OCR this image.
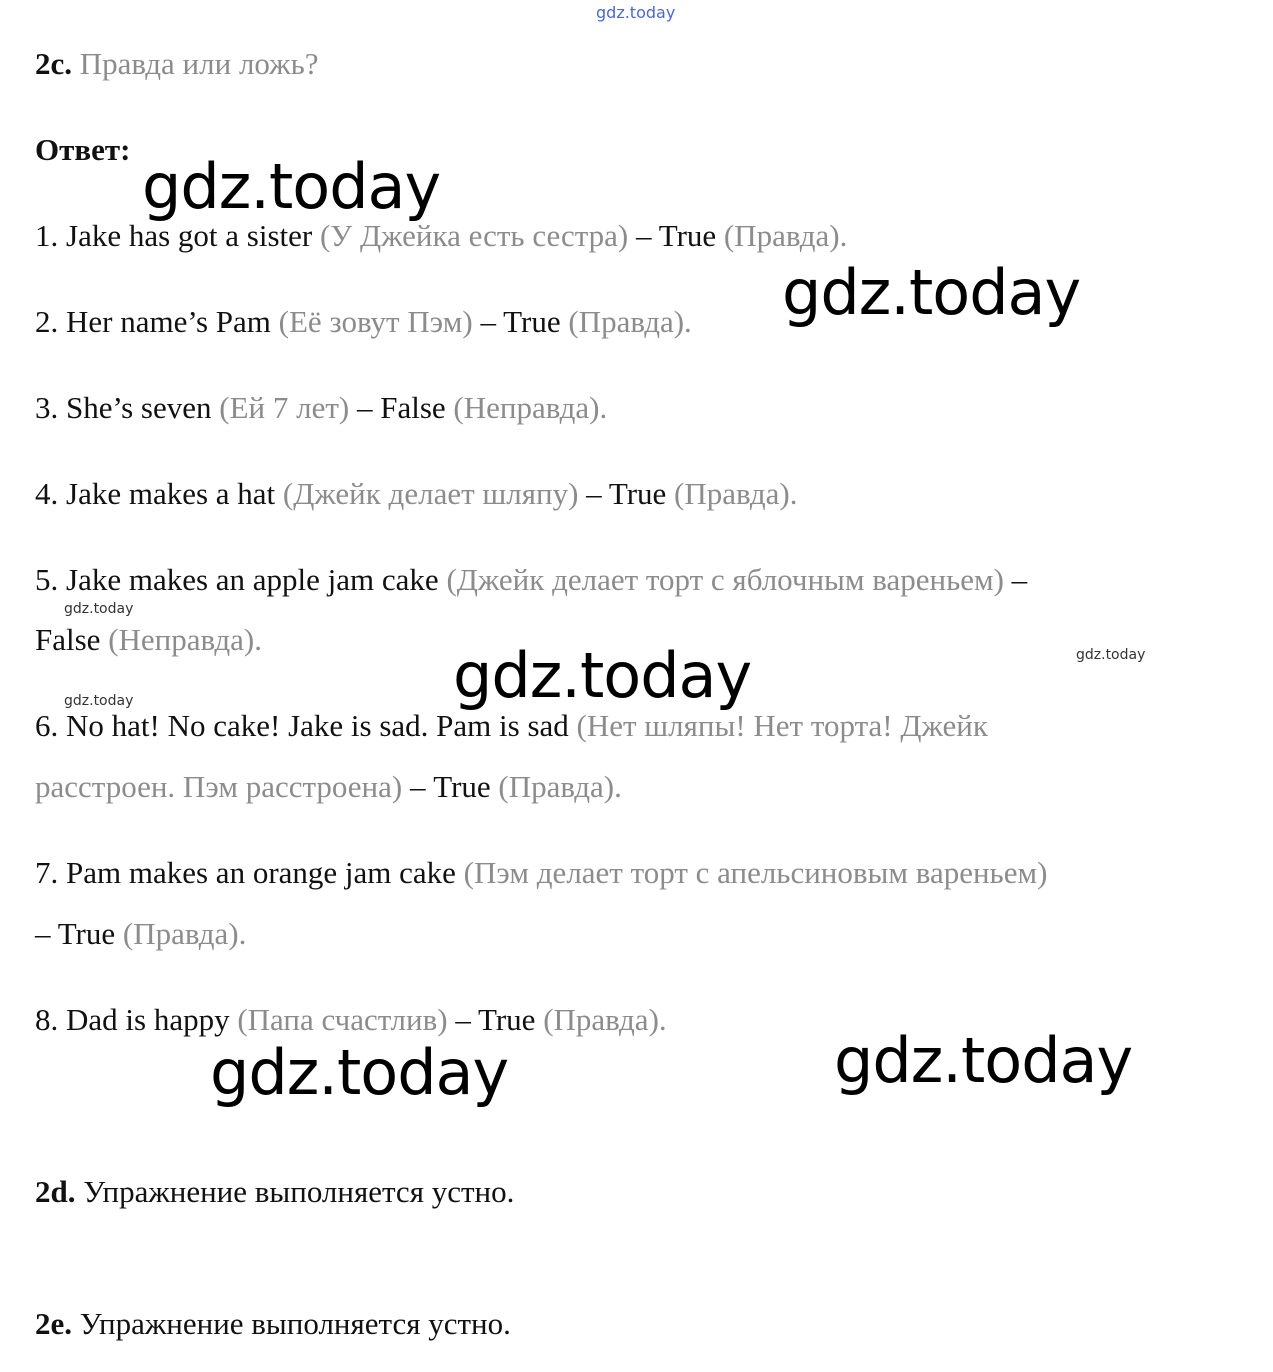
gdz.today

2c. Правда или ложь?

Ответ:

1. Jake has got a sister (У Джейка есть сестра) – True (Правда).

2. Her name’s Pam (Её зовут Пэм) – True (Правда).

3. She’s seven (Ей 7 лет) – False (Неправда).

4. Jake makes a hat (Джейк делает шляпу) – True (Правда).

5. Jake makes an apple jam cake (Джейк делает торт с яблочным вареньем) –

False (Неправда).

6. No hat! No cake! Jake is sad. Pam is sad (Нет шляпы! Нет торта! Джейк

расстроен. Пэм расстроена) – True (Правда).

7. Pam makes an orange jam cake (Пэм делает торт с апельсиновым вареньем)

– True (Правда).

8. Dad is happy (Папа счастлив) – True (Правда).

2d. Упражнение выполняется устно.

2e. Упражнение выполняется устно.

gdz.today
gdz.today
gdz.today
gdz.today	gdz.today
gdz.today
gdz.today
gdz.today
